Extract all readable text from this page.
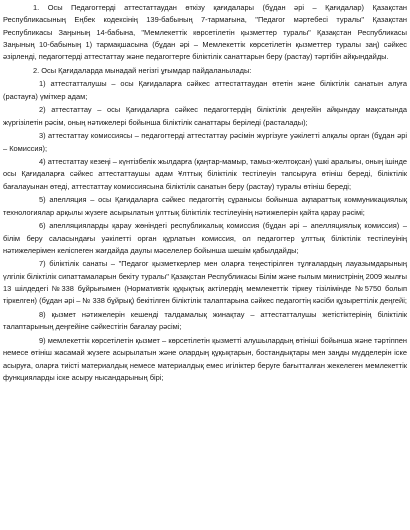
1. Осы Педагогтерді аттестаттаудан өткізу қағидалары (бұдан әрі – Қағидалар) Қазақстан Республикасының Еңбек кодексінің 139-бабының 7-тармағына, "Педагог мәртебесі туралы" Қазақстан Республикасы Заңының 14-бабына, "Мемлекеттік көрсетілетін қызметтер туралы" Қазақстан Республикасы Заңының 10-бабының 1) тармақшасына (бұдан әрі – Мемлекеттік көрсетілетін қызметтер туралы заң) сәйкес әзірленді, педагогтерді аттестаттау және педагогтерге біліктілік санаттарын беру (растау) тәртібін айқындайды.

2. Осы Қағидаларда мынадай негізгі ұғымдар пайдаланылады:

1) аттестатталушы – осы Қағидаларға сәйкес аттестаттаудан өтетін және біліктілік санатын алуға (растауға) үміткер адам;

2) аттестаттау – осы Қағидаларға сәйкес педагогтердің біліктілік деңгейін айқындау мақсатында жүргізілетін рәсім, оның нәтижелері бойынша біліктілік санаттары беріледі (расталады);

3) аттестаттау комиссиясы – педагогтерді аттестаттау рәсімін жүргізуге уәкілетті алқалы орган (бұдан әрі – Комиссия);

4) аттестаттау кезеңі – күнтізбелік жылдарға (қаңтар-мамыр, тамыз-желтоқсан) үшкі аралығы, оның ішінде осы Қағидаларға сәйкес аттестаттаушы адам Ұлттық біліктілік тестілеуін тапсыруға өтініш береді, біліктілік бағалауынан өтеді, аттестаттау комиссиясына біліктілік санатын беру (растау) туралы өтініш береді;

5) апелляция – осы Қағидаларға сәйкес педагогтің сұранысы бойынша ақпараттық коммуникациялық технологиялар арқылы жүзеге асырылатын ұлттық біліктілік тестілеуінің нәтижелерін қайта қарау рәсімі;

6) апелляцияларды қарау жөніндегі республикалық комиссия (бұдан әрі – апелляциялық комиссия) – білім беру саласындағы уәкілетті орган құрлатын комиссия, ол педагогтер ұлттық біліктілік тестілеуінің нәтижелерімен келіспеген жағдайда даулы мәселелер бойынша шешім қабылдайды;

7) біліктілік санаты – "Педагог қызметкерлер мен оларға теңестірілген тұлғалардың лауазымдарының үлгілік біліктілік сипаттамаларын бекіту туралы" Қазақстан Республикасы Білім және ғылым министрінің 2009 жылғы 13 шілдедегі №338 бұйрығымен (Нормативтік құқықтық актілердің мемлекеттік тіркеу тізілімінде №5750 болып тіркелген) (бұдан әрі – № 338 бұйрық) бекітілген біліктілік талаптарына сәйкес педагогтің кәсіби құзыреттілік деңгейі;

8) қызмет нәтижелерін кешенді талдамалық жинақтау – аттестатталушы жетістіктерінің біліктілік талаптарының деңгейіне сәйкестігін бағалау рәсімі;

9) мемлекеттік көрсетілетін қызмет – көрсетілетін қызметті алушылардың өтініші бойынша және тәртіппен немесе өтініш жасамай жүзеге асырылатын және олардың құқықтарын, бостандықтары мен заңды мүдделерін іске асыруға, оларға тиісті материалдық немесе материалдық емес игіліктер беруге бағытталған жекелеген мемлекеттік функцияларды іске асыру нысандарының бірі;
